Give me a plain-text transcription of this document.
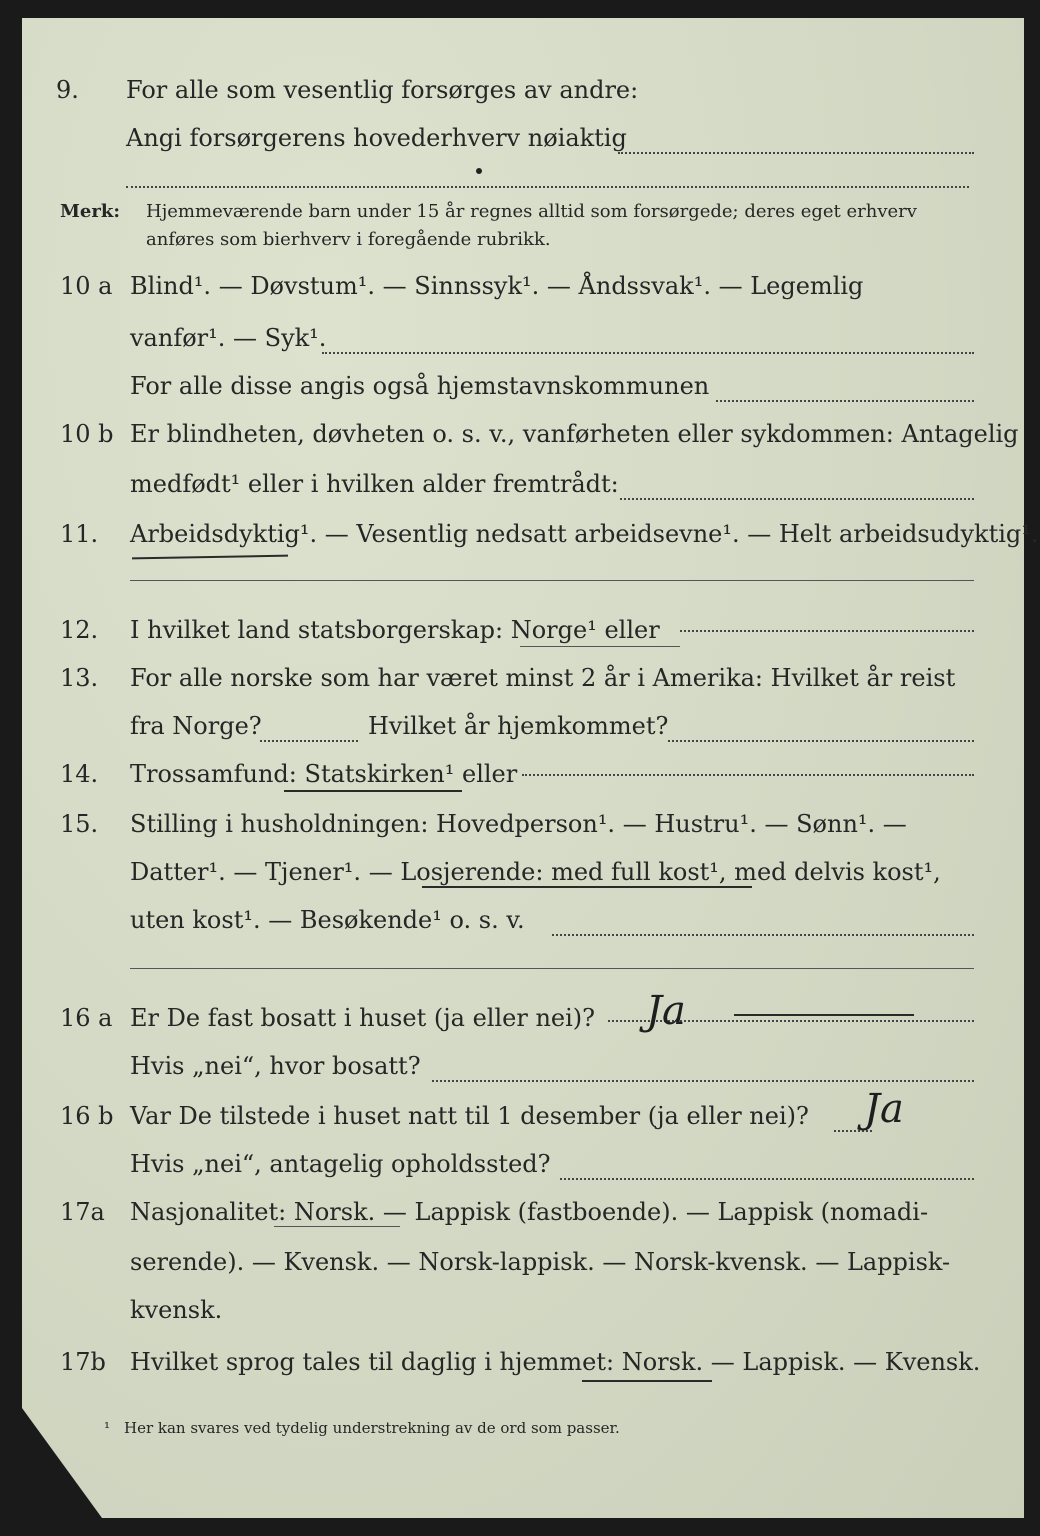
9. For alle som vesentlig forsørges av andre:
Angi forsørgerens hovederhverv nøiaktig
Merk: Hjemmeværende barn under 15 år regnes alltid som forsørgede; deres eget erhverv
anføres som bierhverv i foregående rubrikk.
10 a Blind¹. — Døvstum¹. — Sinnssyk¹. — Åndssvak¹. — Legemlig
vanfør¹. — Syk¹.
For alle disse angis også hjemstavnskommunen
10 b Er blindheten, døvheten o. s. v., vanførheten eller sykdommen: Antagelig
medfødt¹ eller i hvilken alder fremtrådt:
11. Arbeidsdyktig¹. — Vesentlig nedsatt arbeidsevne¹. — Helt arbeidsudyktig¹.
12. I hvilket land statsborgerskap: Norge¹ eller
13. For alle norske som har været minst 2 år i Amerika: Hvilket år reist
fra Norge?	Hvilket år hjemkommet?
14. Trossamfund: Statskirken¹ eller
15. Stilling i husholdningen: Hovedperson¹. — Hustru¹. — Sønn¹. —
Datter¹. — Tjener¹. — Losjerende: med full kost¹, med delvis kost¹,
uten kost¹. — Besøkende¹ o. s. v.
16 a Er De fast bosatt i huset (ja eller nei)? Ja
Hvis „nei“, hvor bosatt?
16 b Var De tilstede i huset natt til 1 desember (ja eller nei)? Ja
Hvis „nei“, antagelig opholdssted?
17a Nasjonalitet: Norsk. — Lappisk (fastboende). — Lappisk (nomadi-
serende). — Kvensk. — Norsk-lappisk. — Norsk-kvensk. — Lappisk-
kvensk.
17b Hvilket sprog tales til daglig i hjemmet: Norsk. — Lappisk. — Kvensk.
¹ Her kan svares ved tydelig understrekning av de ord som passer.
